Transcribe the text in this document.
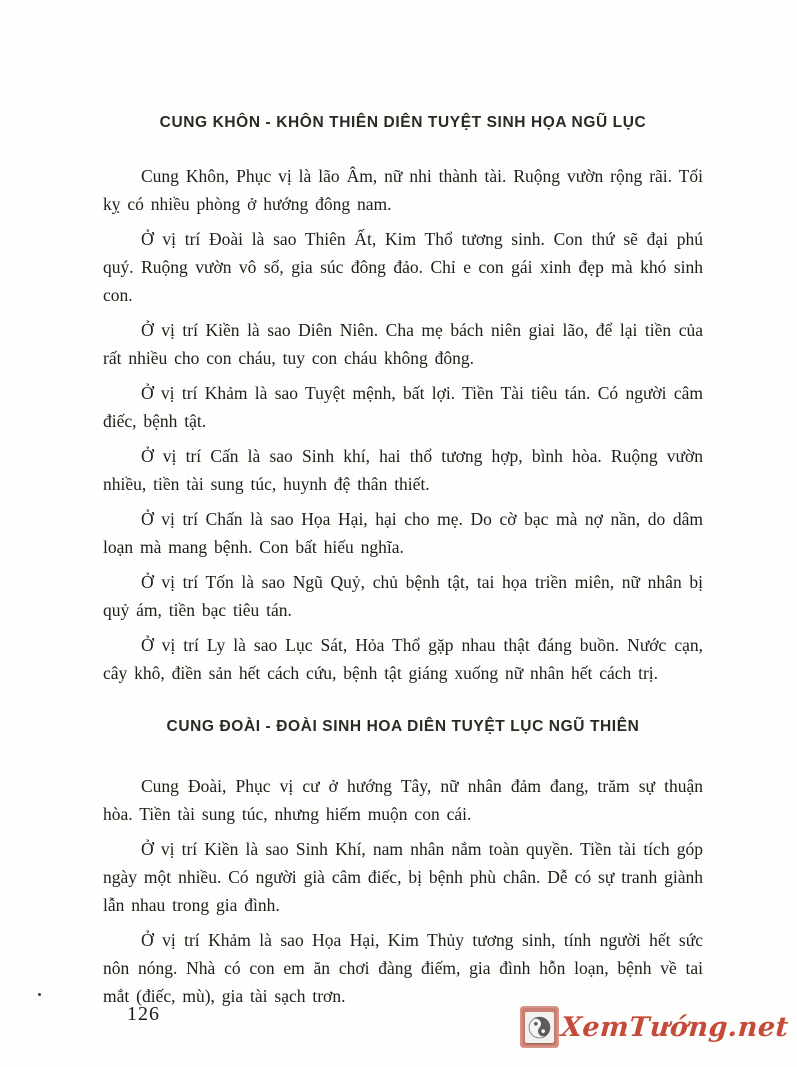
CUNG KHÔN - KHÔN THIÊN DIÊN TUYỆT SINH HỌA NGŨ LỤC

Cung Khôn, Phục vị là lão Âm, nữ nhi thành tài. Ruộng vườn rộng rãi. Tối kỵ có nhiều phòng ở hướng đông nam.

Ở vị trí Đoài là sao Thiên Ất, Kim Thổ tương sinh. Con thứ sẽ đại phú quý. Ruộng vườn vô số, gia súc đông đảo. Chỉ e con gái xinh đẹp mà khó sinh con.

Ở vị trí Kiền là sao Diên Niên. Cha mẹ bách niên giai lão, để lại tiền của rất nhiều cho con cháu, tuy con cháu không đông.

Ở vị trí Khảm là sao Tuyệt mệnh, bất lợi. Tiền Tài tiêu tán. Có người câm điếc, bệnh tật.

Ở vị trí Cấn là sao Sinh khí, hai thổ tương hợp, bình hòa. Ruộng vườn nhiều, tiền tài sung túc, huynh đệ thân thiết.

Ở vị trí Chấn là sao Họa Hại, hại cho mẹ. Do cờ bạc mà nợ nần, do dâm loạn mà mang bệnh. Con bất hiếu nghĩa.

Ở vị trí Tốn là sao Ngũ Quỷ, chủ bệnh tật, tai họa triền miên, nữ nhân bị quỷ ám, tiền bạc tiêu tán.

Ở vị trí Ly là sao Lục Sát, Hỏa Thổ gặp nhau thật đáng buồn. Nước cạn, cây khô, điền sản hết cách cứu, bệnh tật giáng xuống nữ nhân hết cách trị.

CUNG ĐOÀI - ĐOÀI SINH HOA DIÊN TUYỆT LỤC NGŨ THIÊN

Cung Đoài, Phục vị cư ở hướng Tây, nữ nhân đảm đang, trăm sự thuận hòa. Tiền tài sung túc, nhưng hiếm muộn con cái.

Ở vị trí Kiền là sao Sinh Khí, nam nhân nắm toàn quyền. Tiền tài tích góp ngày một nhiều. Có người già câm điếc, bị bệnh phù chân. Dễ có sự tranh giành lẫn nhau trong gia đình.

Ở vị trí Khảm là sao Họa Hại, Kim Thủy tương sinh, tính người hết sức nôn nóng. Nhà có con em ăn chơi đàng điếm, gia đình hỗn loạn, bệnh về tai mắt (điếc, mù), gia tài sạch trơn.

126	XemTướng.net
